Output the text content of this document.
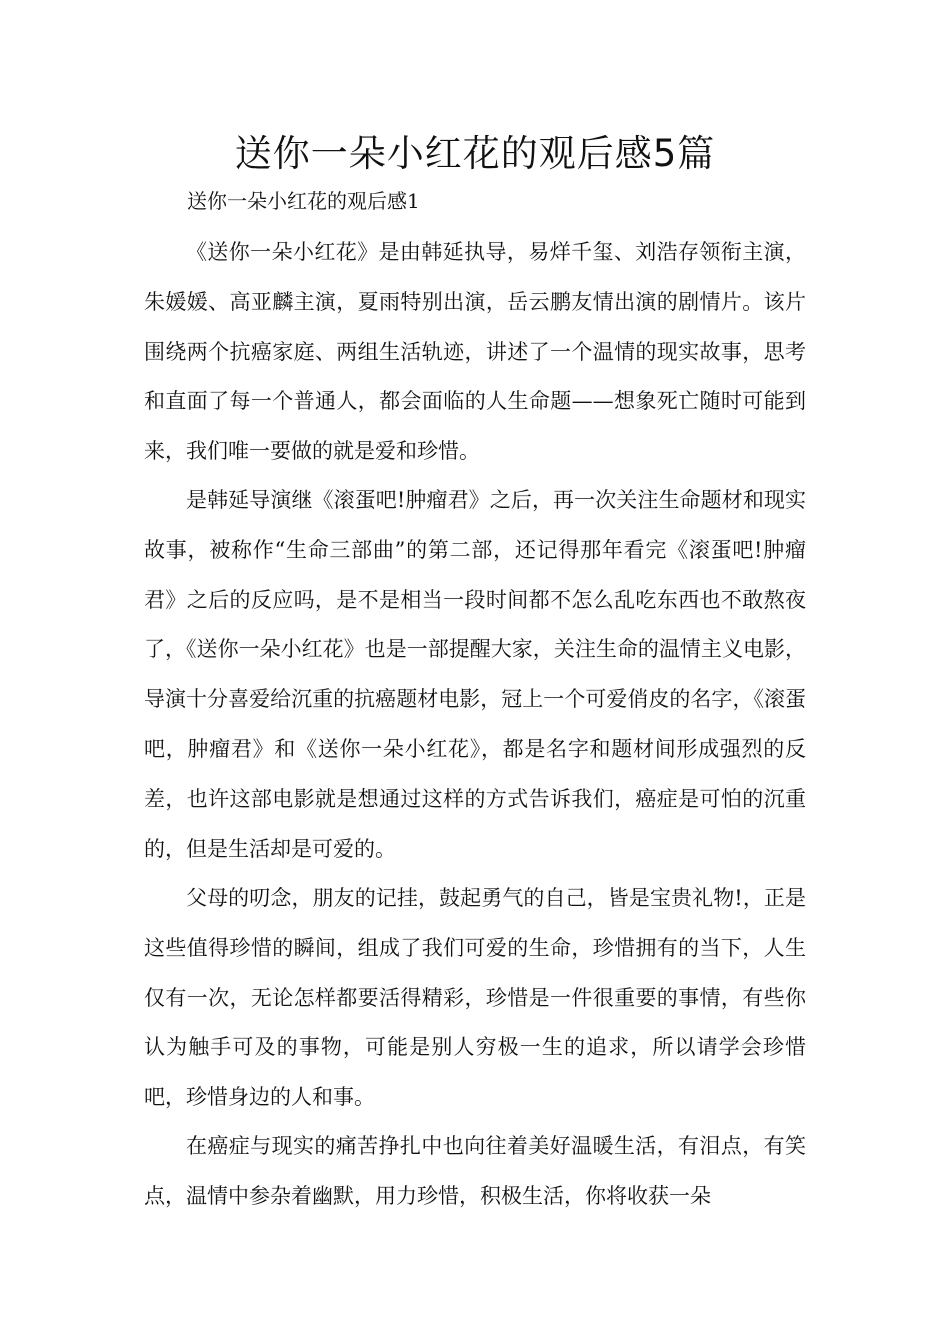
送你一朵小红花的观后感5篇
送你一朵小红花的观后感1

《送你一朵小红花》是由韩延执导，易烊千玺、刘浩存领衔主演，朱媛媛、高亚麟主演，夏雨特别出演，岳云鹏友情出演的剧情片。该片围绕两个抗癌家庭、两组生活轨迹，讲述了一个温情的现实故事，思考和直面了每一个普通人，都会面临的人生命题——想象死亡随时可能到来，我们唯一要做的就是爱和珍惜。

是韩延导演继《滚蛋吧!肿瘤君》之后，再一次关注生命题材和现实故事，被称作“生命三部曲”的第二部，还记得那年看完《滚蛋吧!肿瘤君》之后的反应吗，是不是相当一段时间都不怎么乱吃东西也不敢熬夜了，《送你一朵小红花》也是一部提醒大家，关注生命的温情主义电影，导演十分喜爱给沉重的抗癌题材电影，冠上一个可爱俏皮的名字，《滚蛋吧，肿瘤君》和《送你一朵小红花》，都是名字和题材间形成强烈的反差，也许这部电影就是想通过这样的方式告诉我们，癌症是可怕的沉重的，但是生活却是可爱的。

父母的叨念，朋友的记挂，鼓起勇气的自己，皆是宝贵礼物!，正是这些值得珍惜的瞬间，组成了我们可爱的生命，珍惜拥有的当下，人生仅有一次，无论怎样都要活得精彩，珍惜是一件很重要的事情，有些你认为触手可及的事物，可能是别人穷极一生的追求，所以请学会珍惜吧，珍惜身边的人和事。

在癌症与现实的痛苦挣扎中也向往着美好温暖生活，有泪点，有笑点，温情中参杂着幽默，用力珍惜，积极生活，你将收获一朵
